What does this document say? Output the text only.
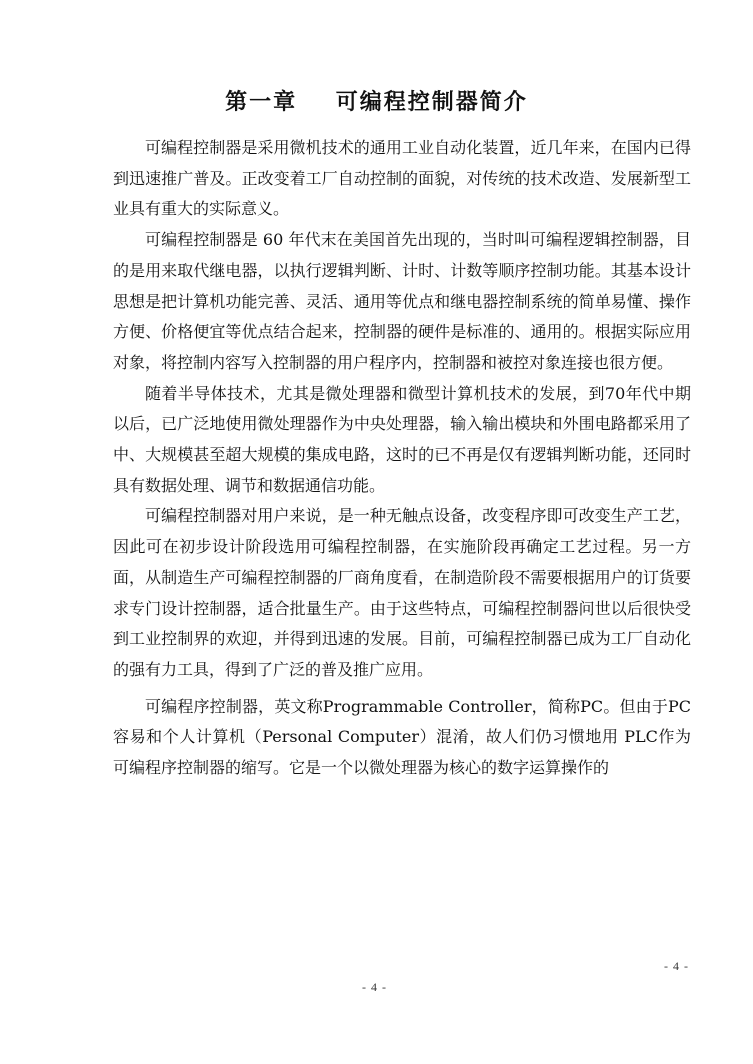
第一章    可编程控制器简介

可编程控制器是采用微机技术的通用工业自动化装置，近几年来，在国内已得到迅速推广普及。正改变着工厂自动控制的面貌，对传统的技术改造、发展新型工业具有重大的实际意义。

可编程控制器是 60 年代末在美国首先出现的，当时叫可编程逻辑控制器，目的是用来取代继电器，以执行逻辑判断、计时、计数等顺序控制功能。其基本设计思想是把计算机功能完善、灵活、通用等优点和继电器控制系统的简单易懂、操作方便、价格便宜等优点结合起来，控制器的硬件是标准的、通用的。根据实际应用对象，将控制内容写入控制器的用户程序内，控制器和被控对象连接也很方便。

随着半导体技术，尤其是微处理器和微型计算机技术的发展，到70年代中期以后，已广泛地使用微处理器作为中央处理器，输入输出模块和外围电路都采用了中、大规模甚至超大规模的集成电路，这时的已不再是仅有逻辑判断功能，还同时具有数据处理、调节和数据通信功能。

可编程控制器对用户来说，是一种无触点设备，改变程序即可改变生产工艺，因此可在初步设计阶段选用可编程控制器，在实施阶段再确定工艺过程。另一方面，从制造生产可编程控制器的厂商角度看，在制造阶段不需要根据用户的订货要求专门设计控制器，适合批量生产。由于这些特点，可编程控制器问世以后很快受到工业控制界的欢迎，并得到迅速的发展。目前，可编程控制器已成为工厂自动化的强有力工具，得到了广泛的普及推广应用。

可编程序控制器，英文称Programmable Controller，简称PC。但由于PC 容易和个人计算机（Personal Computer）混淆，故人们仍习惯地用 PLC作为可编程序控制器的缩写。它是一个以微处理器为核心的数字运算操作的

- 4 -
- 4 -
